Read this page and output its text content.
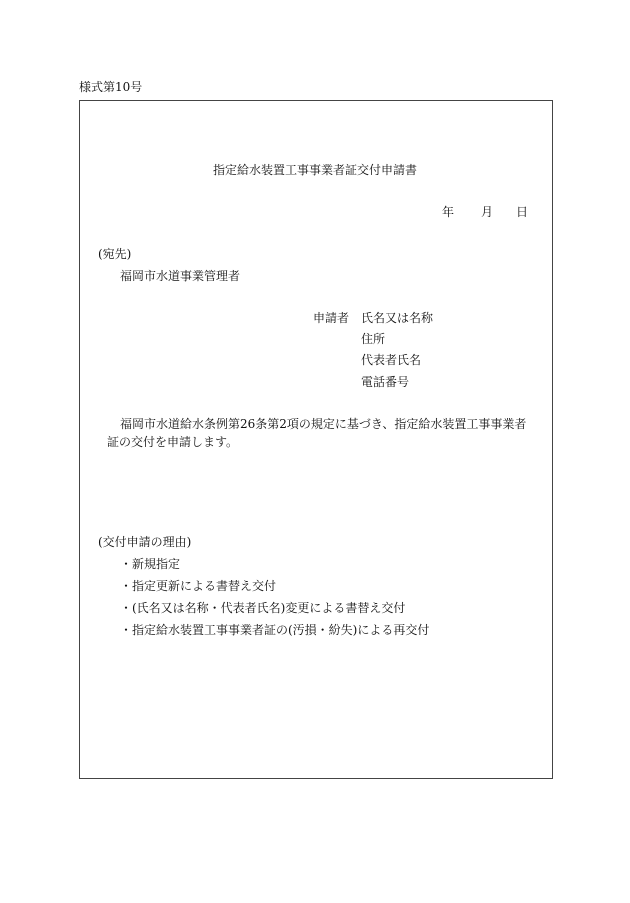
様式第10号
指定給水装置工事事業者証交付申請書
年 月 日
(宛先)
福岡市水道事業管理者
申請者 氏名又は名称
住所
代表者氏名
電話番号
福岡市水道給水条例第26条第2項の規定に基づき、指定給水装置工事事業者
証の交付を申請します。
(交付申請の理由)
・新規指定
・指定更新による書替え交付
・(氏名又は名称・代表者氏名)変更による書替え交付
・指定給水装置工事事業者証の(汚損・紛失)による再交付
